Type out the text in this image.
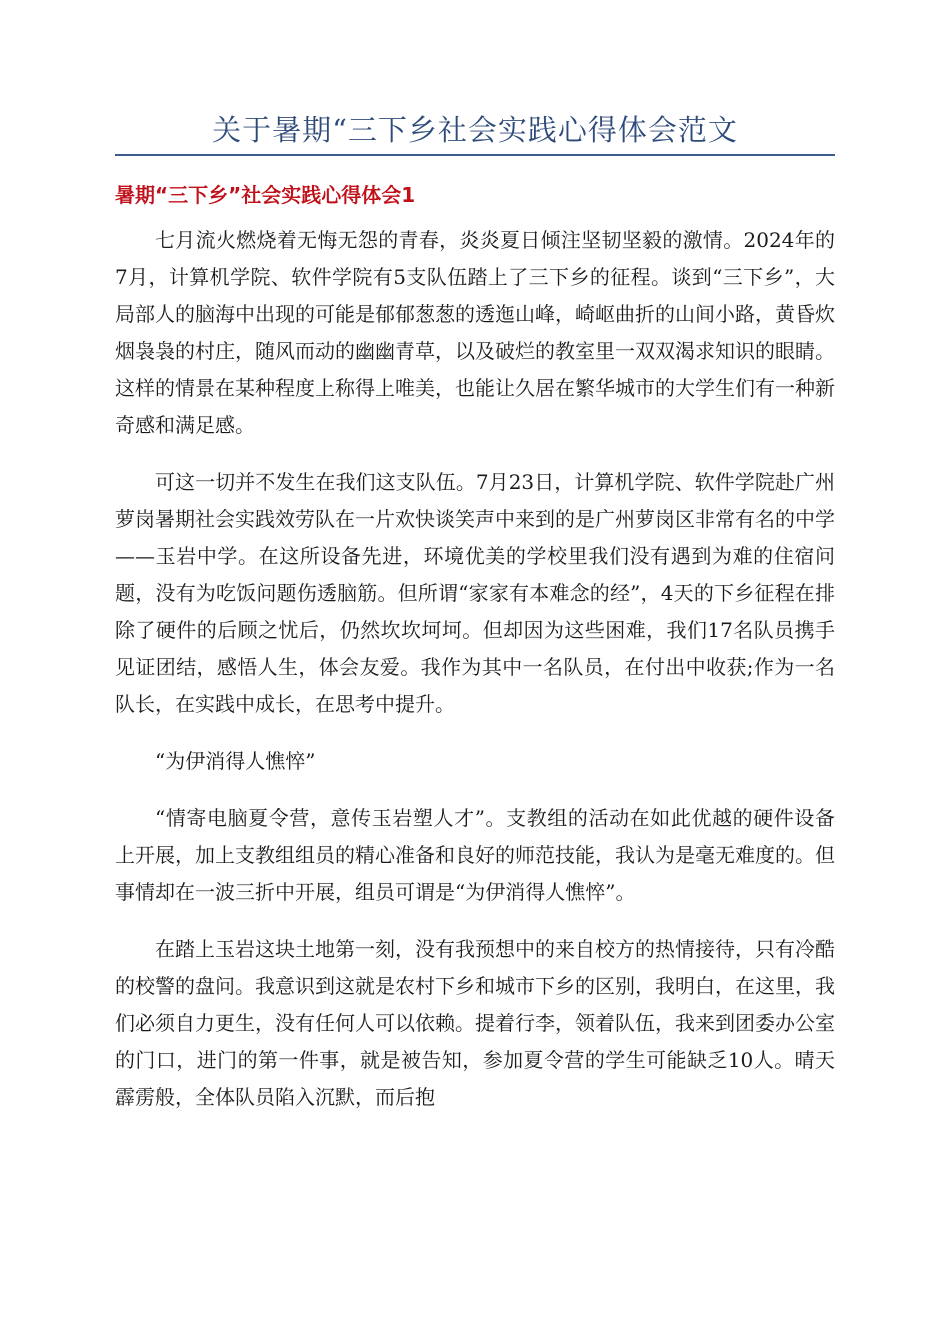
关于暑期“三下乡社会实践心得体会范文
暑期“三下乡”社会实践心得体会1

七月流火燃烧着无悔无怨的青春，炎炎夏日倾注坚韧坚毅的激情。2024年的7月，计算机学院、软件学院有5支队伍踏上了三下乡的征程。谈到“三下乡”，大局部人的脑海中出现的可能是郁郁葱葱的透迤山峰，崎岖曲折的山间小路，黄昏炊烟袅袅的村庄，随风而动的幽幽青草，以及破烂的教室里一双双渴求知识的眼睛。这样的情景在某种程度上称得上唯美，也能让久居在繁华城市的大学生们有一种新奇感和满足感。

可这一切并不发生在我们这支队伍。7月23日，计算机学院、软件学院赴广州萝岗暑期社会实践效劳队在一片欢快谈笑声中来到的是广州萝岗区非常有名的中学——玉岩中学。在这所设备先进，环境优美的学校里我们没有遇到为难的住宿问题，没有为吃饭问题伤透脑筋。但所谓“家家有本难念的经”，4天的下乡征程在排除了硬件的后顾之忧后，仍然坎坎坷坷。但却因为这些困难，我们17名队员携手见证团结，感悟人生，体会友爱。我作为其中一名队员，在付出中收获;作为一名队长，在实践中成长，在思考中提升。

“为伊消得人憔悴”

“情寄电脑夏令营，意传玉岩塑人才”。支教组的活动在如此优越的硬件设备上开展，加上支教组组员的精心准备和良好的师范技能，我认为是毫无难度的。但事情却在一波三折中开展，组员可谓是“为伊消得人憔悴”。

在踏上玉岩这块土地第一刻，没有我预想中的来自校方的热情接待，只有冷酷的校警的盘问。我意识到这就是农村下乡和城市下乡的区别，我明白，在这里，我们必须自力更生，没有任何人可以依赖。提着行李，领着队伍，我来到团委办公室的门口，进门的第一件事，就是被告知，参加夏令营的学生可能缺乏10人。晴天霹雳般，全体队员陷入沉默，而后抱
